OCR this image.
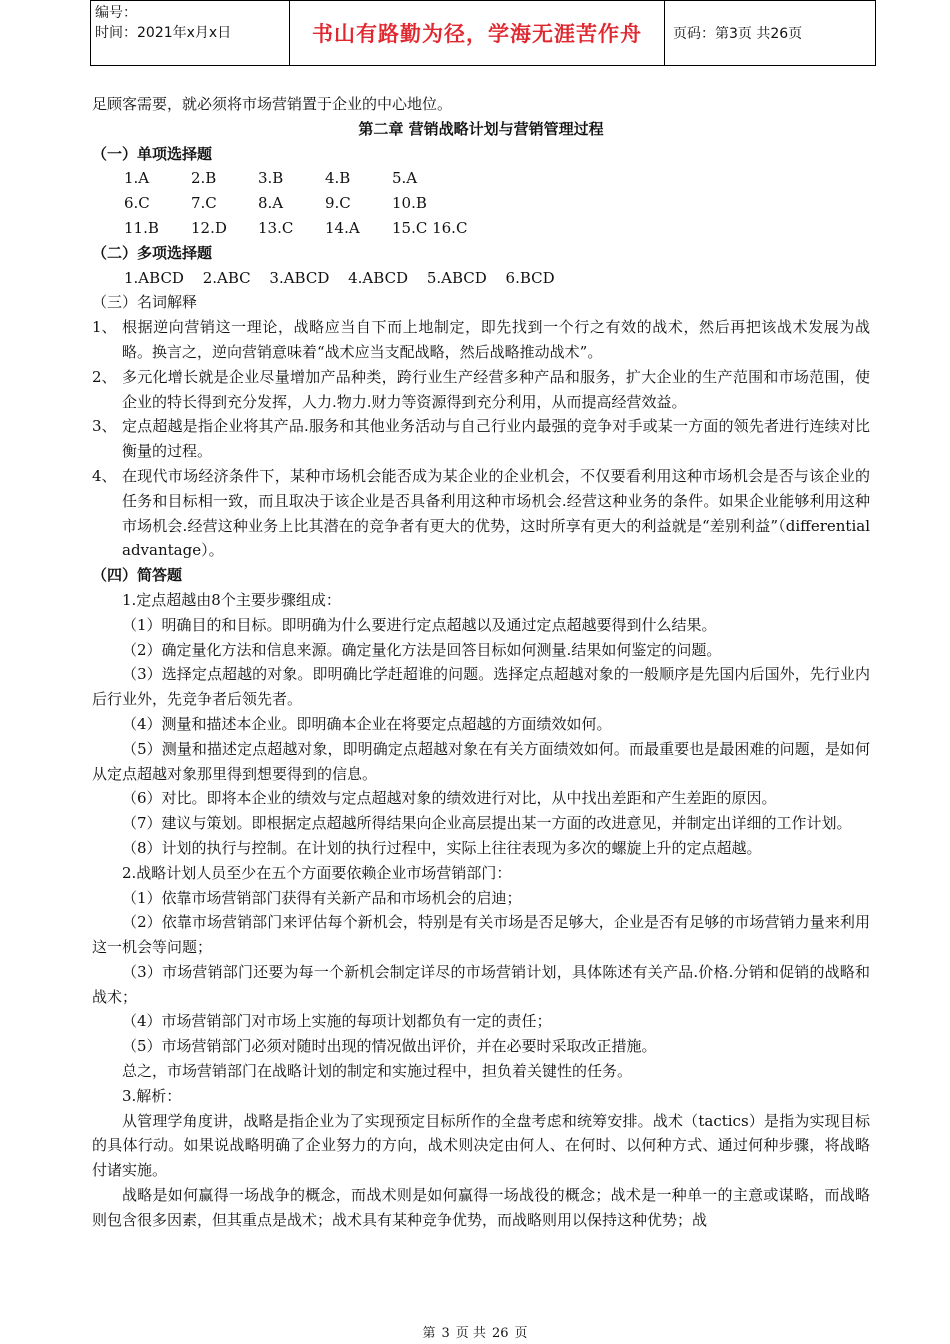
编号：
时间：2021年x月x日	书山有路勤为径，学海无涯苦作舟	页码：第3页 共26页

足顾客需要，就必须将市场营销置于企业的中心地位。

第二章 营销战略计划与营销管理过程

（一）单项选择题

1.A	2.B	3.B	4.B	5.A
6.C	7.C	8.A	9.C	10.B
11.B	12.D	13.C	14.A	15.C 16.C

（二）多项选择题

1.ABCD 2.ABC 3.ABCD 4.ABCD 5.ABCD 6.BCD

（三）名词解释

1、 根据逆向营销这一理论，战略应当自下而上地制定，即先找到一个行之有效的战术，然后再把该战术发展为战略。换言之，逆向营销意味着“战术应当支配战略，然后战略推动战术”。
2、 多元化增长就是企业尽量增加产品种类，跨行业生产经营多种产品和服务，扩大企业的生产范围和市场范围，使企业的特长得到充分发挥，人力.物力.财力等资源得到充分利用，从而提高经营效益。
3、 定点超越是指企业将其产品.服务和其他业务活动与自己行业内最强的竞争对手或某一方面的领先者进行连续对比衡量的过程。
4、 在现代市场经济条件下，某种市场机会能否成为某企业的企业机会，不仅要看利用这种市场机会是否与该企业的任务和目标相一致，而且取决于该企业是否具备利用这种市场机会.经营这种业务的条件。如果企业能够利用这种市场机会.经营这种业务上比其潜在的竞争者有更大的优势，这时所享有更大的利益就是“差别利益”（differential advantage）。

（四）简答题

1.定点超越由8个主要步骤组成：

（1）明确目的和目标。即明确为什么要进行定点超越以及通过定点超越要得到什么结果。

（2）确定量化方法和信息来源。确定量化方法是回答目标如何测量.结果如何鉴定的问题。

（3）选择定点超越的对象。即明确比学赶超谁的问题。选择定点超越对象的一般顺序是先国内后国外，先行业内后行业外，先竞争者后领先者。

（4）测量和描述本企业。即明确本企业在将要定点超越的方面绩效如何。

（5）测量和描述定点超越对象，即明确定点超越对象在有关方面绩效如何。而最重要也是最困难的问题，是如何从定点超越对象那里得到想要得到的信息。

（6）对比。即将本企业的绩效与定点超越对象的绩效进行对比，从中找出差距和产生差距的原因。

（7）建议与策划。即根据定点超越所得结果向企业高层提出某一方面的改进意见，并制定出详细的工作计划。

（8）计划的执行与控制。在计划的执行过程中，实际上往往表现为多次的螺旋上升的定点超越。

2.战略计划人员至少在五个方面要依赖企业市场营销部门：

（1）依靠市场营销部门获得有关新产品和市场机会的启迪；

（2）依靠市场营销部门来评估每个新机会，特别是有关市场是否足够大，企业是否有足够的市场营销力量来利用这一机会等问题；

（3）市场营销部门还要为每一个新机会制定详尽的市场营销计划，具体陈述有关产品.价格.分销和促销的战略和战术；

（4）市场营销部门对市场上实施的每项计划都负有一定的责任；

（5）市场营销部门必须对随时出现的情况做出评价，并在必要时采取改正措施。

总之，市场营销部门在战略计划的制定和实施过程中，担负着关键性的任务。

3.解析：

从管理学角度讲，战略是指企业为了实现预定目标所作的全盘考虑和统筹安排。战术（tactics）是指为实现目标的具体行动。如果说战略明确了企业努力的方向，战术则决定由何人、在何时、以何种方式、通过何种步骤，将战略付诸实施。

战略是如何赢得一场战争的概念，而战术则是如何赢得一场战役的概念；战术是一种单一的主意或谋略，而战略则包含很多因素，但其重点是战术；战术具有某种竞争优势，而战略则用以保持这种优势；战

第 3 页 共 26 页
